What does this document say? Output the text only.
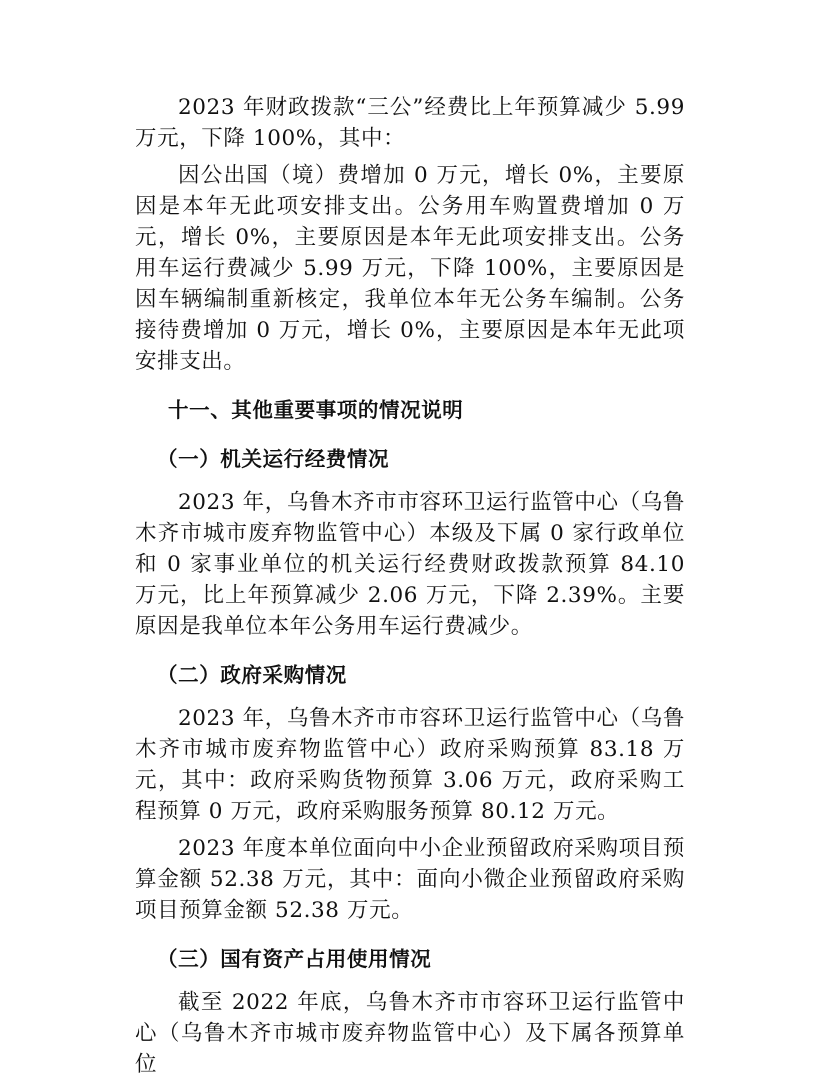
2023 年财政拨款“三公”经费比上年预算减少 5.99 万元，下降 100%，其中：

因公出国（境）费增加 0 万元，增长 0%，主要原因是本年无此项安排支出。公务用车购置费增加 0 万元，增长 0%，主要原因是本年无此项安排支出。公务用车运行费减少 5.99 万元，下降 100%，主要原因是因车辆编制重新核定，我单位本年无公务车编制。公务接待费增加 0 万元，增长 0%，主要原因是本年无此项安排支出。

十一、其他重要事项的情况说明
（一）机关运行经费情况

2023 年，乌鲁木齐市市容环卫运行监管中心（乌鲁木齐市城市废弃物监管中心）本级及下属 0 家行政单位和 0 家事业单位的机关运行经费财政拨款预算 84.10 万元，比上年预算减少 2.06 万元，下降 2.39%。主要原因是我单位本年公务用车运行费减少。

（二）政府采购情况

2023 年，乌鲁木齐市市容环卫运行监管中心（乌鲁木齐市城市废弃物监管中心）政府采购预算 83.18 万元，其中：政府采购货物预算 3.06 万元，政府采购工程预算 0 万元，政府采购服务预算 80.12 万元。

2023 年度本单位面向中小企业预留政府采购项目预算金额 52.38 万元，其中：面向小微企业预留政府采购项目预算金额 52.38 万元。

（三）国有资产占用使用情况

截至 2022 年底，乌鲁木齐市市容环卫运行监管中心（乌鲁木齐市城市废弃物监管中心）及下属各预算单位
